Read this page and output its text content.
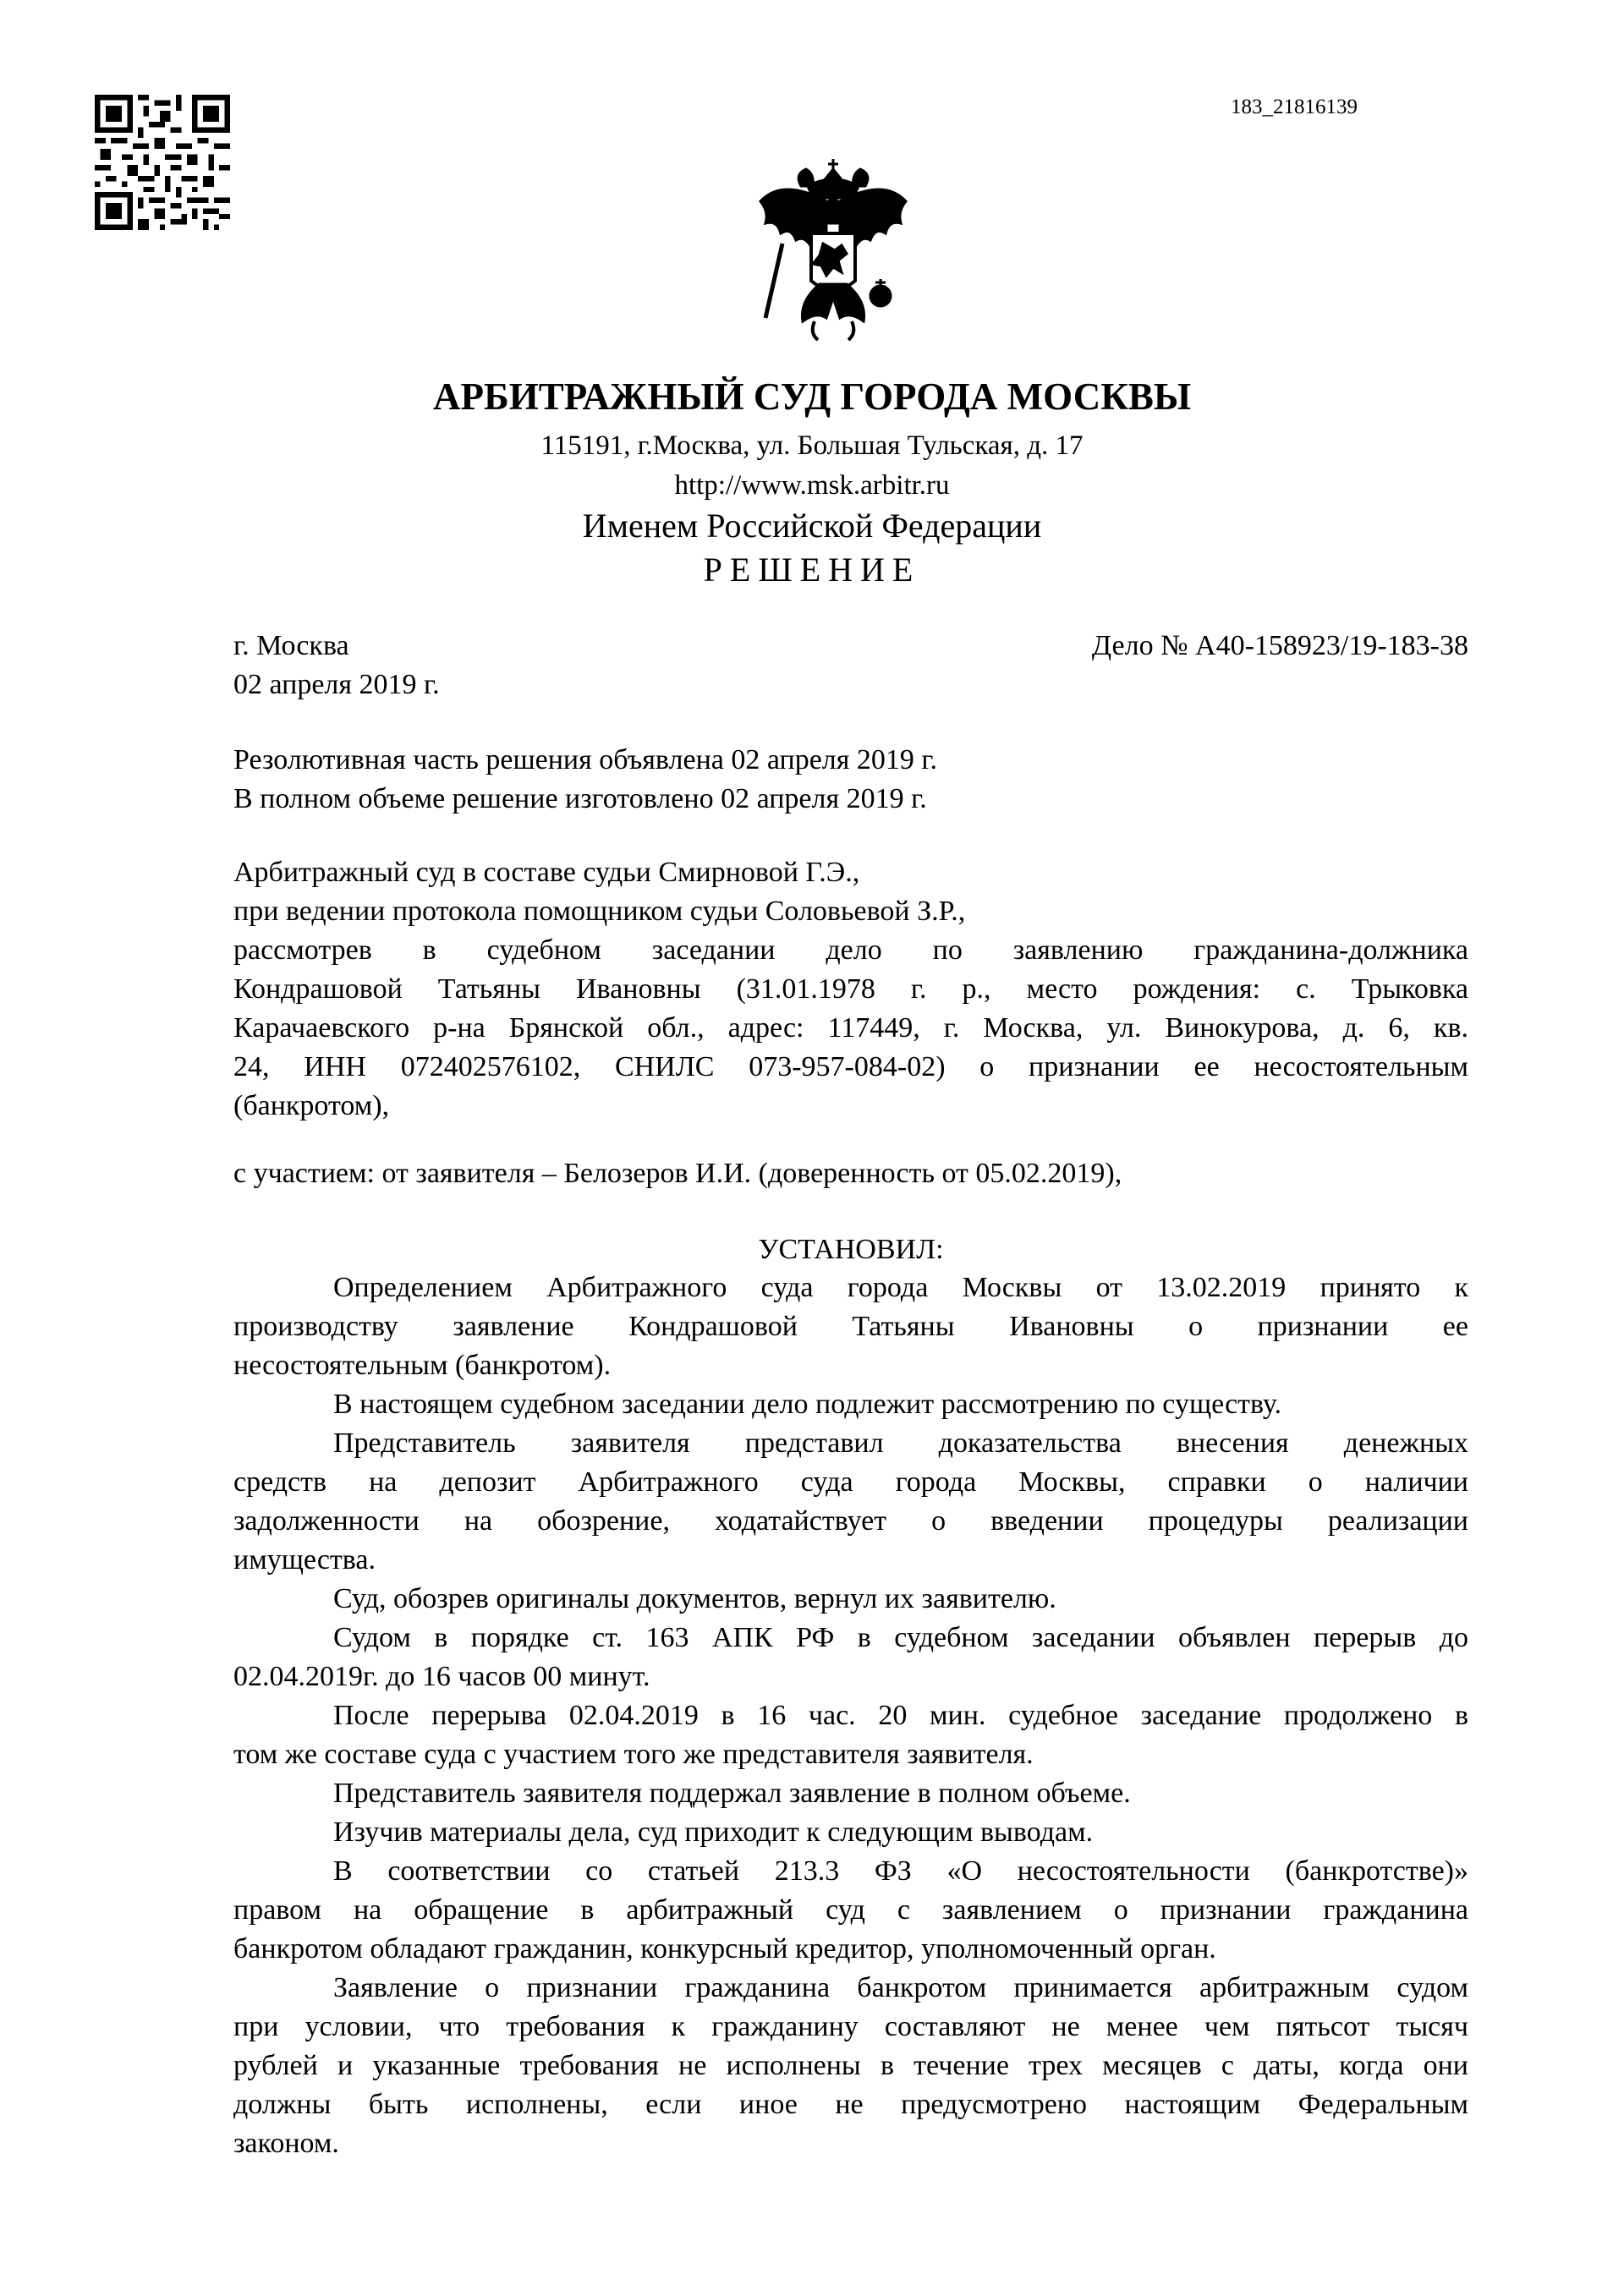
183_21816139
АРБИТРАЖНЫЙ СУД ГОРОДА МОСКВЫ
115191, г.Москва, ул. Большая Тульская, д. 17
http://www.msk.arbitr.ru
Именем Российской Федерации
РЕШЕНИЕ
г. Москва
02 апреля 2019 г.
Дело № А40-158923/19-183-38
Резолютивная часть решения объявлена 02 апреля 2019 г.
В полном объеме решение изготовлено 02 апреля 2019 г.
Арбитражный суд в составе судьи Смирновой Г.Э.,
при ведении протокола помощником судьи Соловьевой З.Р.,
рассмотрев в судебном заседании дело по заявлению гражданина-должника
Кондрашовой Татьяны Ивановны (31.01.1978 г. р., место рождения: с. Трыковка
Карачаевского р-на Брянской обл., адрес: 117449, г. Москва, ул. Винокурова, д. 6, кв.
24, ИНН 072402576102, СНИЛС 073-957-084-02) о признании ее несостоятельным
(банкротом),
с участием: от заявителя – Белозеров И.И. (доверенность от 05.02.2019),
УСТАНОВИЛ:
Определением Арбитражного суда города Москвы от 13.02.2019 принято к
производству заявление Кондрашовой Татьяны Ивановны о признании ее
несостоятельным (банкротом).
В настоящем судебном заседании дело подлежит рассмотрению по существу.
Представитель заявителя представил доказательства внесения денежных
средств на депозит Арбитражного суда города Москвы, справки о наличии
задолженности на обозрение, ходатайствует о введении процедуры реализации
имущества.
Суд, обозрев оригиналы документов, вернул их заявителю.
Судом в порядке ст. 163 АПК РФ в судебном заседании объявлен перерыв до
02.04.2019г. до 16 часов 00 минут.
После перерыва 02.04.2019 в 16 час. 20 мин. судебное заседание продолжено в
том же составе суда с участием того же представителя заявителя.
Представитель заявителя поддержал заявление в полном объеме.
Изучив материалы дела, суд приходит к следующим выводам.
В соответствии со статьей 213.3 ФЗ «О несостоятельности (банкротстве)»
правом на обращение в арбитражный суд с заявлением о признании гражданина
банкротом обладают гражданин, конкурсный кредитор, уполномоченный орган.
Заявление о признании гражданина банкротом принимается арбитражным судом
при условии, что требования к гражданину составляют не менее чем пятьсот тысяч
рублей и указанные требования не исполнены в течение трех месяцев с даты, когда они
должны быть исполнены, если иное не предусмотрено настоящим Федеральным
законом.
